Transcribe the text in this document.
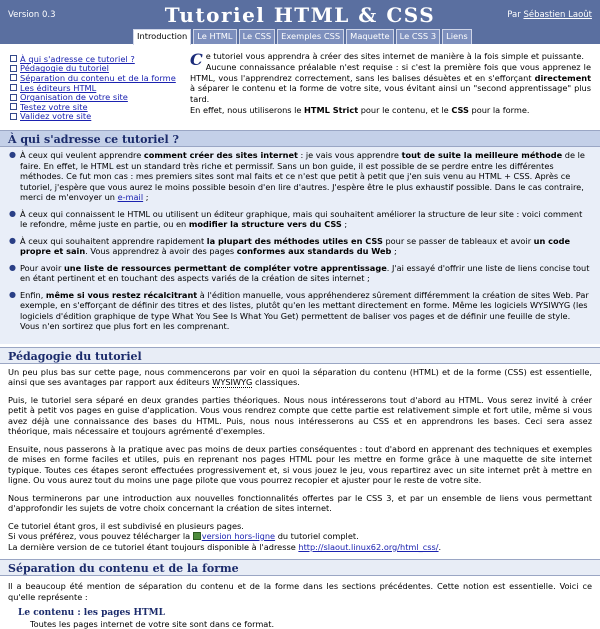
Version 0.3	Tutoriel HTML & CSS	Par Sébastien Laoût
Introduction	Le HTML	Le CSS	Exemples CSS	Maquette	Le CSS 3	Liens
À qui s'adresse ce tutoriel ?
Pédagogie du tutoriel
Séparation du contenu et de la forme
Les éditeurs HTML
Organisation de votre site
Testez votre site
Validez votre site
C e tutoriel vous apprendra à créer des sites internet de manière à la fois simple et puissante.

Aucune connaissance préalable n'est requise : si c'est la première fois que vous apprenez le HTML, vous l'apprendrez correctement, sans les balises désuètes et en s'efforçant directement à séparer le contenu et la forme de votre site, vous évitant ainsi un "second apprentissage" plus tard.

En effet, nous utiliserons le HTML Strict pour le contenu, et le CSS pour la forme.

À qui s'adresse ce tutoriel ?
● À ceux qui veulent apprendre comment créer des sites internet : je vais vous apprendre tout de suite la meilleure méthode de le faire. En effet, le HTML est un standard très riche et permissif. Sans un bon guide, il est possible de se perdre entre les différentes méthodes. Ce fut mon cas : mes premiers sites sont mal faits et ce n'est que petit à petit que j'en suis venu au HTML + CSS. Après ce tutoriel, j'espère que vous aurez le moins possible besoin d'en lire d'autres. J'espère être le plus exhaustif possible. Dans le cas contraire, merci de m'envoyer un e-mail ;
● À ceux qui connaissent le HTML ou utilisent un éditeur graphique, mais qui souhaitent améliorer la structure de leur site : voici comment le refondre, même juste en partie, ou en modifier la structure vers du CSS ;
● À ceux qui souhaitent apprendre rapidement la plupart des méthodes utiles en CSS pour se passer de tableaux et avoir un code propre et sain. Vous apprendrez à avoir des pages conformes aux standards du Web ;
● Pour avoir une liste de ressources permettant de compléter votre apprentissage. J'ai essayé d'offrir une liste de liens concise tout en étant pertinent et en touchant des aspects variés de la création de sites internet ;
● Enfin, même si vous restez récalcitrant à l'édition manuelle, vous appréhenderez sûrement différemment la création de sites Web. Par exemple, en s'efforçant de définir des titres et des listes, plutôt qu'en les mettant directement en forme. Même les logiciels WYSIWYG (les logiciels d'édition graphique de type What You See Is What You Get) permettent de baliser vos pages et de définir une feuille de style. Vous n'en sortirez que plus fort en les comprenant.
Pédagogie du tutoriel

Un peu plus bas sur cette page, nous commencerons par voir en quoi la séparation du contenu (HTML) et de la forme (CSS) est essentielle, ainsi que ses avantages par rapport aux éditeurs WYSIWYG classiques.

Puis, le tutoriel sera séparé en deux grandes parties théoriques. Nous nous intéresserons tout d'abord au HTML. Vous serez invité à créer petit à petit vos pages en guise d'application. Vous vous rendrez compte que cette partie est relativement simple et fort utile, même si vous avez déjà une connaissance des bases du HTML. Puis, nous nous intéresserons au CSS et en apprendrons les bases. Ceci sera assez théorique, mais nécessaire et toujours agrémenté d'exemples.

Ensuite, nous passerons à la pratique avec pas moins de deux parties conséquentes : tout d'abord en apprenant des techniques et exemples de mises en forme faciles et utiles, puis en reprenant nos pages HTML pour les mettre en forme grâce à une maquette de site internet typique. Toutes ces étapes seront effectuées progressivement et, si vous jouez le jeu, vous repartirez avec un site internet prêt à mettre en ligne. Ou vous aurez tout du moins une page pilote que vous pourrez recopier et ajuster pour le reste de votre site.

Nous terminerons par une introduction aux nouvelles fonctionnalités offertes par le CSS 3, et par un ensemble de liens vous permettant d'approfondir les sujets de votre choix concernant la création de sites internet.

Ce tutoriel étant gros, il est subdivisé en plusieurs pages.

Si vous préférez, vous pouvez télécharger la version hors-ligne du tutoriel complet.

La dernière version de ce tutoriel étant toujours disponible à l'adresse http://slaout.linux62.org/html_css/.

Séparation du contenu et de la forme

Il a beaucoup été mention de séparation du contenu et de la forme dans les sections précédentes. Cette notion est essentielle. Voici ce qu'elle représente :

Le contenu : les pages HTML
Toutes les pages internet de votre site sont dans ce format.
